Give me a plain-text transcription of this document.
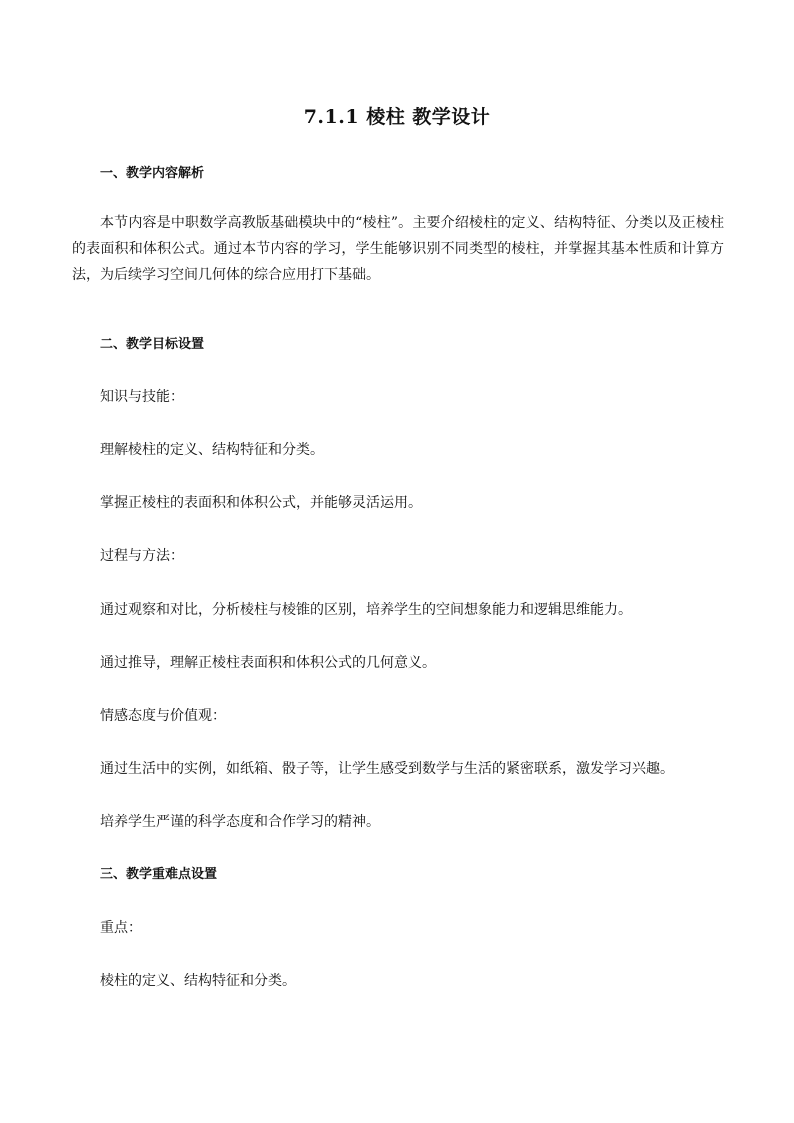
7.1.1 棱柱 教学设计
一、教学内容解析
本节内容是中职数学高教版基础模块中的“棱柱”。主要介绍棱柱的定义、结构特征、分类以及正棱柱的表面积和体积公式。通过本节内容的学习，学生能够识别不同类型的棱柱，并掌握其基本性质和计算方法，为后续学习空间几何体的综合应用打下基础。
二、教学目标设置
知识与技能：
理解棱柱的定义、结构特征和分类。
掌握正棱柱的表面积和体积公式，并能够灵活运用。
过程与方法：
通过观察和对比，分析棱柱与棱锥的区别，培养学生的空间想象能力和逻辑思维能力。
通过推导，理解正棱柱表面积和体积公式的几何意义。
情感态度与价值观：
通过生活中的实例，如纸箱、骰子等，让学生感受到数学与生活的紧密联系，激发学习兴趣。
培养学生严谨的科学态度和合作学习的精神。
三、教学重难点设置
重点：
棱柱的定义、结构特征和分类。
